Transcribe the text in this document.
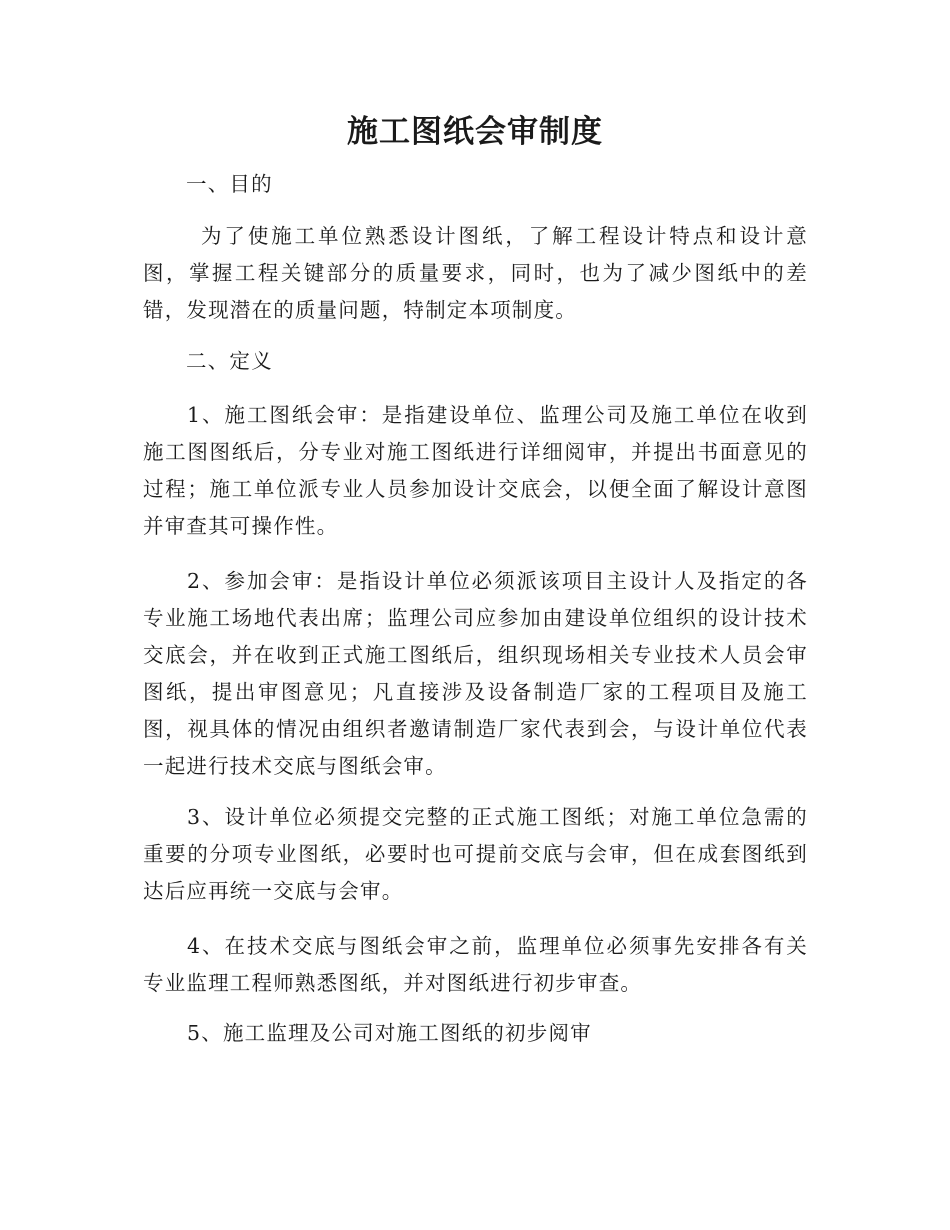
施工图纸会审制度
一、目的
为了使施工单位熟悉设计图纸，了解工程设计特点和设计意图，掌握工程关键部分的质量要求，同时，也为了减少图纸中的差错，发现潜在的质量问题，特制定本项制度。
二、定义
1、施工图纸会审：是指建设单位、监理公司及施工单位在收到施工图图纸后，分专业对施工图纸进行详细阅审，并提出书面意见的过程；施工单位派专业人员参加设计交底会，以便全面了解设计意图并审查其可操作性。
2、参加会审：是指设计单位必须派该项目主设计人及指定的各专业施工场地代表出席；监理公司应参加由建设单位组织的设计技术交底会，并在收到正式施工图纸后，组织现场相关专业技术人员会审图纸，提出审图意见；凡直接涉及设备制造厂家的工程项目及施工图，视具体的情况由组织者邀请制造厂家代表到会，与设计单位代表一起进行技术交底与图纸会审。
3、设计单位必须提交完整的正式施工图纸；对施工单位急需的重要的分项专业图纸，必要时也可提前交底与会审，但在成套图纸到达后应再统一交底与会审。
4、在技术交底与图纸会审之前，监理单位必须事先安排各有关专业监理工程师熟悉图纸，并对图纸进行初步审查。
5、施工监理及公司对施工图纸的初步阅审
